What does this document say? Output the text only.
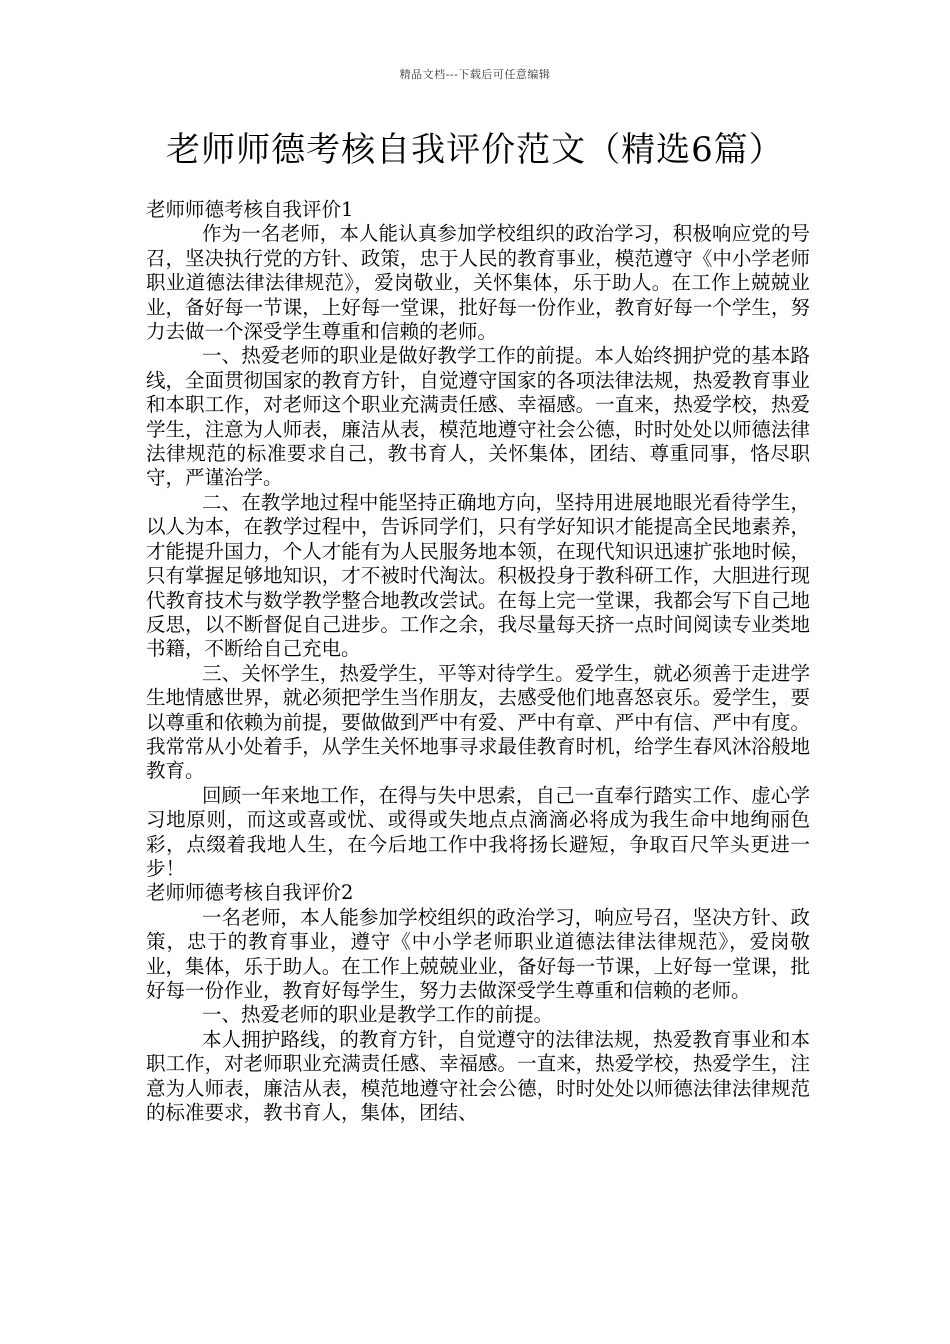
精品文档---下载后可任意编辑
老师师德考核自我评价范文（精选6篇）

老师师德考核自我评价1

作为一名老师，本人能认真参加学校组织的政治学习，积极响应党的号召，坚决执行党的方针、政策，忠于人民的教育事业，模范遵守《中小学老师职业道德法律法律规范》，爱岗敬业，关怀集体，乐于助人。在工作上兢兢业业，备好每一节课，上好每一堂课，批好每一份作业，教育好每一个学生，努力去做一个深受学生尊重和信赖的老师。

一、热爱老师的职业是做好教学工作的前提。本人始终拥护党的基本路线，全面贯彻国家的教育方针，自觉遵守国家的各项法律法规，热爱教育事业和本职工作，对老师这个职业充满责任感、幸福感。一直来，热爱学校，热爱学生，注意为人师表，廉洁从表，模范地遵守社会公德，时时处处以师德法律法律规范的标准要求自己，教书育人，关怀集体，团结、尊重同事，恪尽职守，严谨治学。

二、在教学地过程中能坚持正确地方向，坚持用进展地眼光看待学生，以人为本，在教学过程中，告诉同学们，只有学好知识才能提高全民地素养，才能提升国力，个人才能有为人民服务地本领，在现代知识迅速扩张地时候，只有掌握足够地知识，才不被时代淘汰。积极投身于教科研工作，大胆进行现代教育技术与数学教学整合地教改尝试。在每上完一堂课，我都会写下自己地反思，以不断督促自己进步。工作之余，我尽量每天挤一点时间阅读专业类地书籍，不断给自己充电。

三、关怀学生，热爱学生，平等对待学生。爱学生，就必须善于走进学生地情感世界，就必须把学生当作朋友，去感受他们地喜怒哀乐。爱学生，要以尊重和依赖为前提，要做做到严中有爱、严中有章、严中有信、严中有度。我常常从小处着手，从学生关怀地事寻求最佳教育时机，给学生春风沐浴般地教育。

回顾一年来地工作，在得与失中思索，自己一直奉行踏实工作、虚心学习地原则，而这或喜或忧、或得或失地点点滴滴必将成为我生命中地绚丽色彩，点缀着我地人生，在今后地工作中我将扬长避短，争取百尺竿头更进一步！

老师师德考核自我评价2

一名老师，本人能参加学校组织的政治学习，响应号召，坚决方针、政策，忠于的教育事业，遵守《中小学老师职业道德法律法律规范》，爱岗敬业，集体，乐于助人。在工作上兢兢业业，备好每一节课，上好每一堂课，批好每一份作业，教育好每学生，努力去做深受学生尊重和信赖的老师。

一、热爱老师的职业是教学工作的前提。

本人拥护路线，的教育方针，自觉遵守的法律法规，热爱教育事业和本职工作，对老师职业充满责任感、幸福感。一直来，热爱学校，热爱学生，注意为人师表，廉洁从表，模范地遵守社会公德，时时处处以师德法律法律规范的标准要求，教书育人，集体，团结、
